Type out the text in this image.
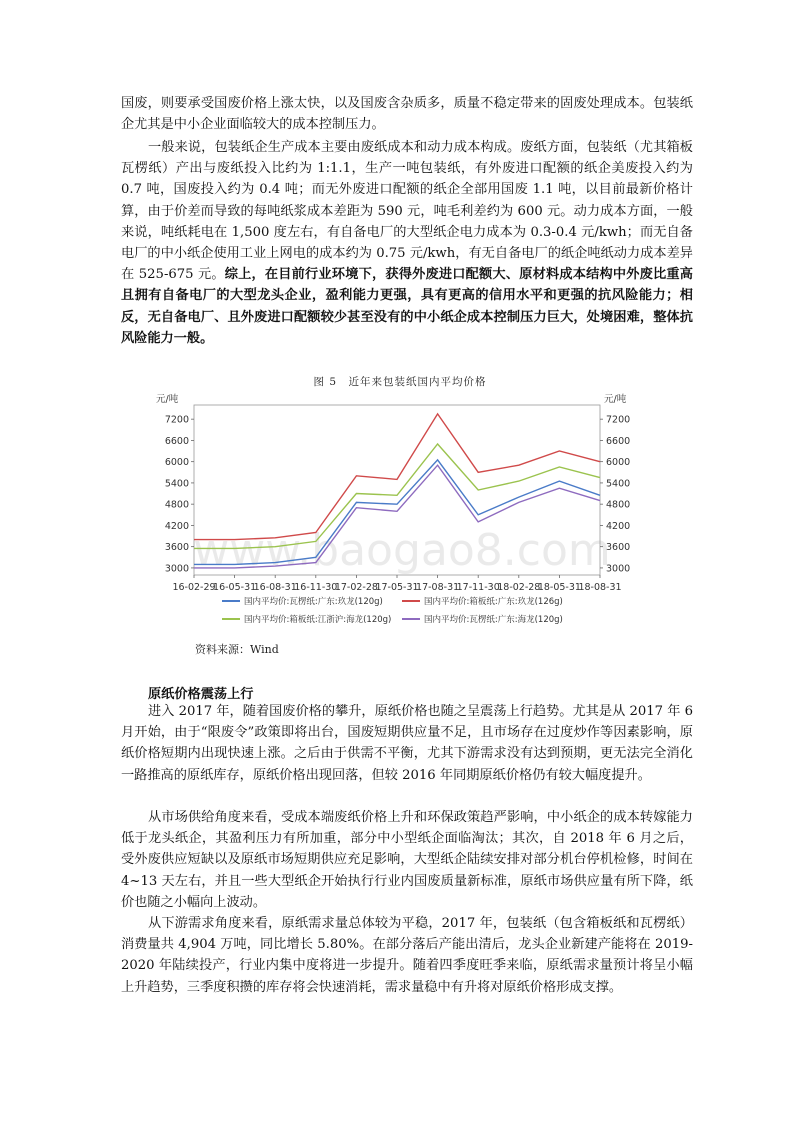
国废，则要承受国废价格上涨太快，以及国废含杂质多，质量不稳定带来的固废处理成本。包装纸企尤其是中小企业面临较大的成本控制压力。

一般来说，包装纸企生产成本主要由废纸成本和动力成本构成。废纸方面，包装纸（尤其箱板瓦楞纸）产出与废纸投入比约为 1:1.1，生产一吨包装纸，有外废进口配额的纸企美废投入约为 0.7 吨，国废投入约为 0.4 吨；而无外废进口配额的纸企全部用国废 1.1 吨，以目前最新价格计算，由于价差而导致的每吨纸浆成本差距为 590 元，吨毛利差约为 600 元。动力成本方面，一般来说，吨纸耗电在 1,500 度左右，有自备电厂的大型纸企电力成本为 0.3-0.4 元/kwh；而无自备电厂的中小纸企使用工业上网电的成本约为 0.75 元/kwh，有无自备电厂的纸企吨纸动力成本差异在 525-675 元。综上，在目前行业环境下，获得外废进口配额大、原材料成本结构中外废比重高且拥有自备电厂的大型龙头企业，盈利能力更强，具有更高的信用水平和更强的抗风险能力；相反，无自备电厂、且外废进口配额较少甚至没有的中小纸企成本控制压力巨大，处境困难，整体抗风险能力一般。

图 5　近年来包装纸国内平均价格
www.baogao8.com
元/吨	元/吨
3000	3000
3600	3600
4200	4200
4800	4800
5400	5400
6000	6000
6600	6600
7200	7200
16-02-29
16-05-31
16-08-31
16-11-30
17-02-28
17-05-31
17-08-31
17-11-30
18-02-28
18-05-31
18-08-31
国内平均价:瓦楞纸:广东:玖龙(120g)	国内平均价:箱板纸:广东:玖龙(126g)
国内平均价:箱板纸:江浙沪:海龙(120g)	国内平均价:瓦楞纸:广东:海龙(120g)
资料来源：Wind
原纸价格震荡上行

进入 2017 年，随着国废价格的攀升，原纸价格也随之呈震荡上行趋势。尤其是从 2017 年 6 月开始，由于“限废令”政策即将出台，国废短期供应量不足，且市场存在过度炒作等因素影响，原纸价格短期内出现快速上涨。之后由于供需不平衡，尤其下游需求没有达到预期，更无法完全消化一路推高的原纸库存，原纸价格出现回落，但较 2016 年同期原纸价格仍有较大幅度提升。

从市场供给角度来看，受成本端废纸价格上升和环保政策趋严影响，中小纸企的成本转嫁能力低于龙头纸企，其盈利压力有所加重，部分中小型纸企面临淘汰；其次，自 2018 年 6 月之后，受外废供应短缺以及原纸市场短期供应充足影响，大型纸企陆续安排对部分机台停机检修，时间在 4~13 天左右，并且一些大型纸企开始执行行业内国废质量新标准，原纸市场供应量有所下降，纸价也随之小幅向上波动。

从下游需求角度来看，原纸需求量总体较为平稳，2017 年，包装纸（包含箱板纸和瓦楞纸）消费量共 4,904 万吨，同比增长 5.80%。在部分落后产能出清后，龙头企业新建产能将在 2019-2020 年陆续投产，行业内集中度将进一步提升。随着四季度旺季来临，原纸需求量预计将呈小幅上升趋势，三季度积攒的库存将会快速消耗，需求量稳中有升将对原纸价格形成支撑。
